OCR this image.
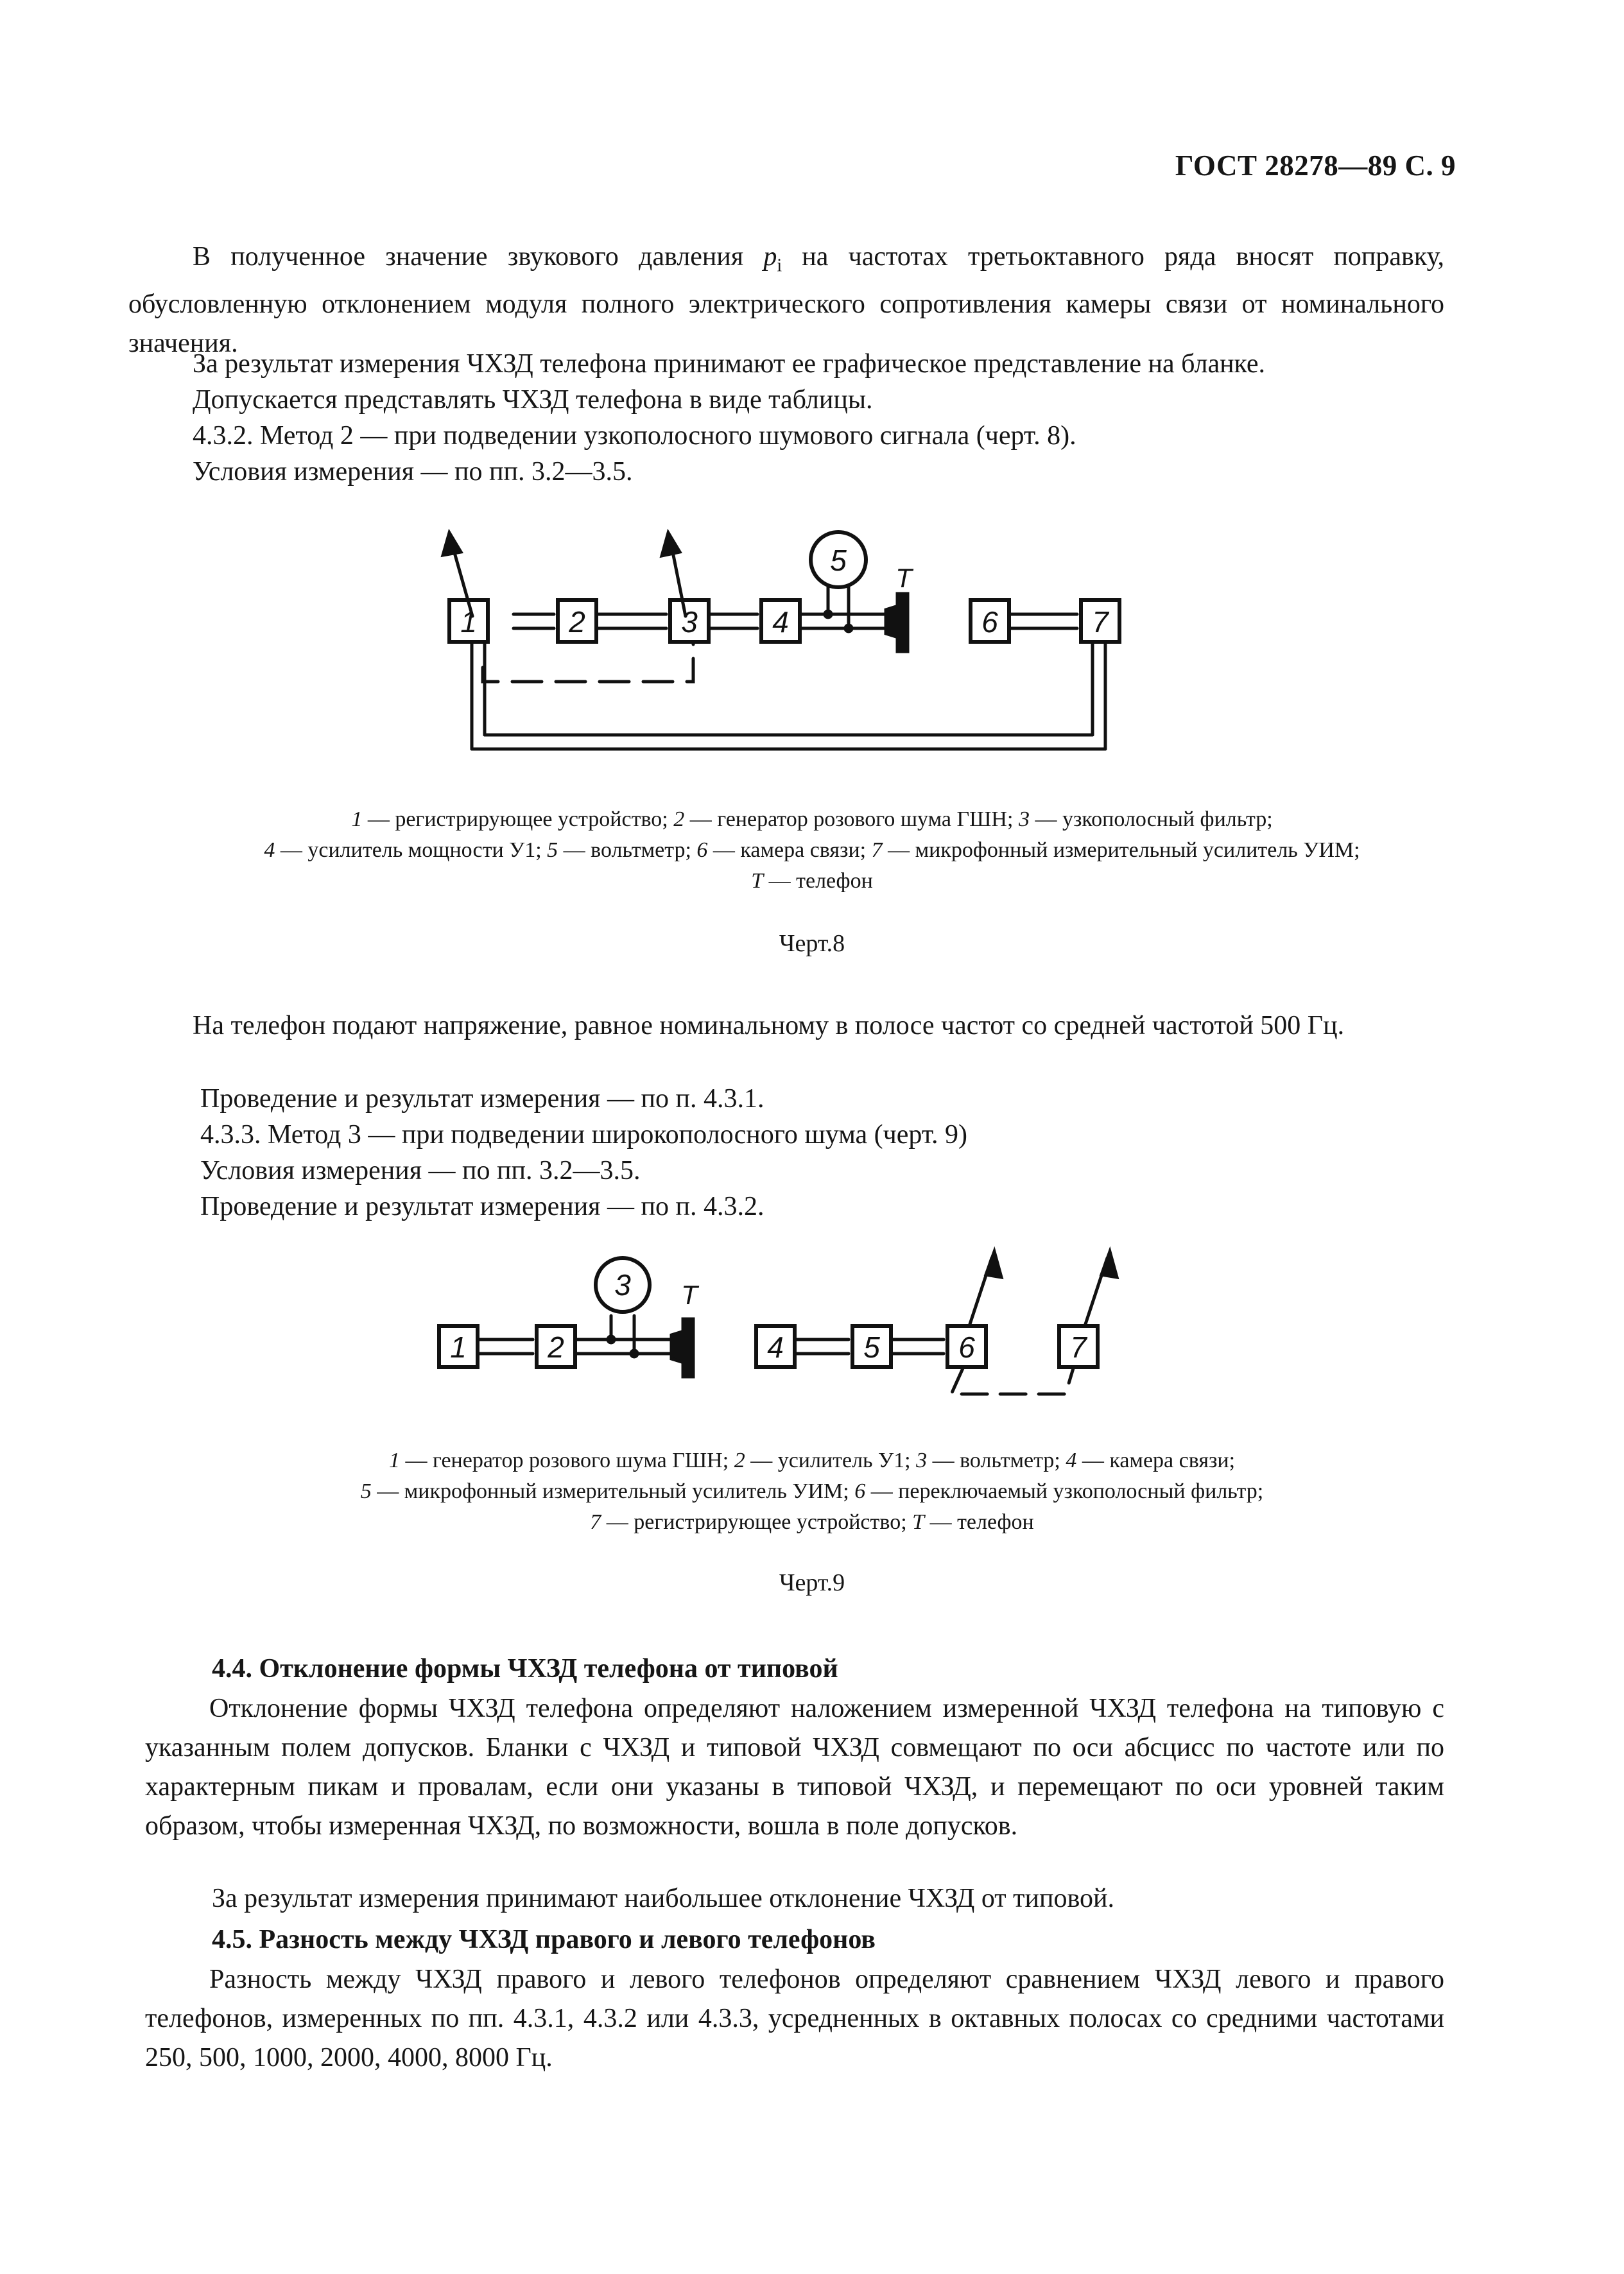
ГОСТ 28278—89 С. 9
В полученное значение звукового давления $p_i$ на частотах третьоктавного ряда вносят поправку, обусловленную отклонением модуля полного электрического сопротивления камеры связи от номинального значения.
За результат измерения ЧХЗД телефона принимают ее графическое представление на бланке.
Допускается представлять ЧХЗД телефона в виде таблицы.
4.3.2. Метод 2 — при подведении узкополосного шумового сигнала (черт. 8).
Условия измерения — по пп. 3.2—3.5.
1	2	3	4
5
6	7
T
1 — регистрирующее устройство; 2 — генератор розового шума ГШН; 3 — узкополосный фильтр;
4 — усилитель мощности У1; 5 — вольтметр; 6 — камера связи; 7 — микрофонный измерительный усилитель УИМ;
T — телефон
Черт.8
На телефон подают напряжение, равное номинальному в полосе частот со средней частотой 500 Гц.
Проведение и результат измерения — по п. 4.3.1.
4.3.3. Метод 3 — при подведении широкополосного шума (черт. 9)
Условия измерения — по пп. 3.2—3.5.
Проведение и результат измерения — по п. 4.3.2.
1	2
3
4	5	6	7
T
1 — генератор розового шума ГШН; 2 — усилитель У1; 3 — вольтметр; 4 — камера связи;
5 — микрофонный измерительный усилитель УИМ; 6 — переключаемый узкополосный фильтр;
7 — регистрирующее устройство; T — телефон
Черт.9
4.4. Отклонение формы ЧХЗД телефона от типовой
Отклонение формы ЧХЗД телефона определяют наложением измеренной ЧХЗД телефона на типовую с указанным полем допусков. Бланки с ЧХЗД и типовой ЧХЗД совмещают по оси абсцисс по частоте или по характерным пикам и провалам, если они указаны в типовой ЧХЗД, и перемещают по оси уровней таким образом, чтобы измеренная ЧХЗД, по возможности, вошла в поле допусков.
За результат измерения принимают наибольшее отклонение ЧХЗД от типовой.
4.5. Разность между ЧХЗД правого и левого телефонов
Разность между ЧХЗД правого и левого телефонов определяют сравнением ЧХЗД левого и правого телефонов, измеренных по пп. 4.3.1, 4.3.2 или 4.3.3, усредненных в октавных полосах со средними частотами 250, 500, 1000, 2000, 4000, 8000 Гц.
